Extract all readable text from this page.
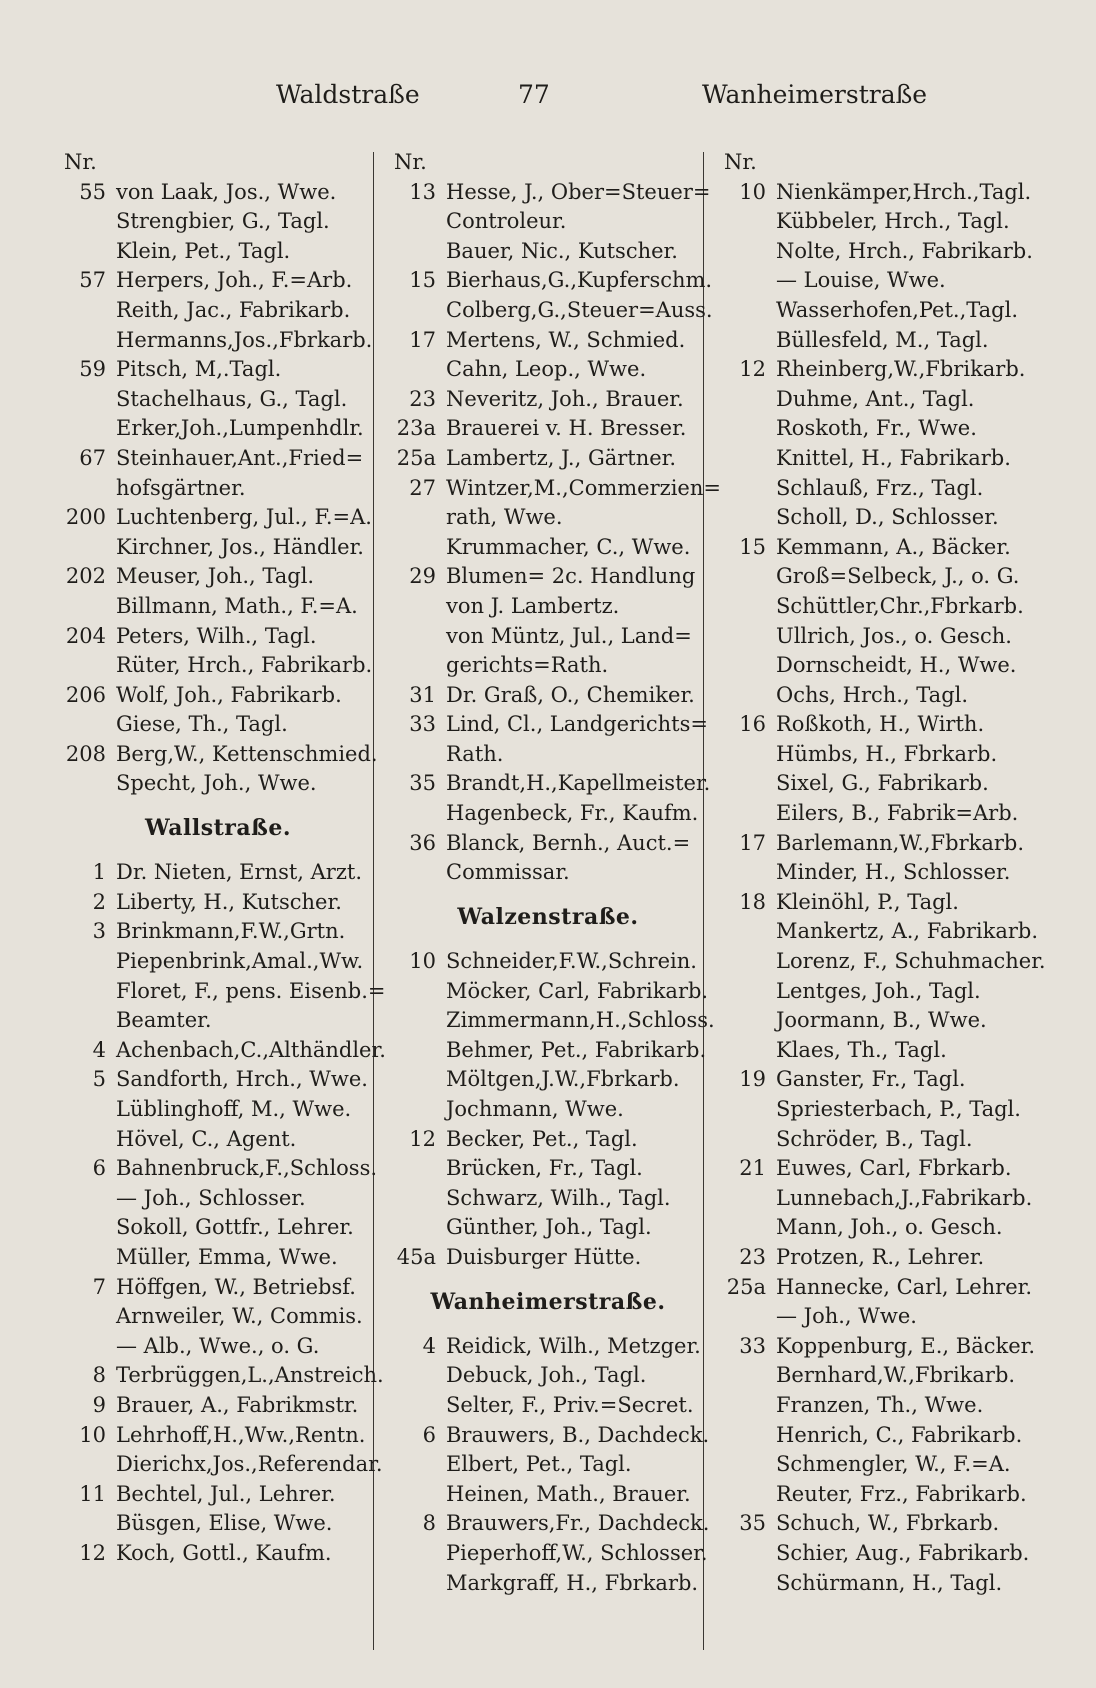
Waldstraße	77	Wanheimerstraße
Nr.
55 von Laak, Jos., Wwe.
Strengbier, G., Tagl.
Klein, Pet., Tagl.
57 Herpers, Joh., F.=Arb.
Reith, Jac., Fabrikarb.
Hermanns,Jos.,Fbrkarb.
59 Pitsch, M,.Tagl.
Stachelhaus, G., Tagl.
Erker,Joh.,Lumpenhdlr.
67 Steinhauer,Ant.,Fried=
hofsgärtner.
200 Luchtenberg, Jul., F.=A.
Kirchner, Jos., Händler.
202 Meuser, Joh., Tagl.
Billmann, Math., F.=A.
204 Peters, Wilh., Tagl.
Rüter, Hrch., Fabrikarb.
206 Wolf, Joh., Fabrikarb.
Giese, Th., Tagl.
208 Berg,W., Kettenschmied.
Specht, Joh., Wwe.
Wallstraße.
1 Dr. Nieten, Ernst, Arzt.
2 Liberty, H., Kutscher.
3 Brinkmann,F.W.,Grtn.
Piepenbrink,Amal.,Ww.
Floret, F., pens. Eisenb.=
Beamter.
4 Achenbach,C.,Althändler.
5 Sandforth, Hrch., Wwe.
Lüblinghoff, M., Wwe.
Hövel, C., Agent.
6 Bahnenbruck,F.,Schloss.
— Joh., Schlosser.
Sokoll, Gottfr., Lehrer.
Müller, Emma, Wwe.
7 Höffgen, W., Betriebsf.
Arnweiler, W., Commis.
— Alb., Wwe., o. G.
8 Terbrüggen,L.,Anstreich.
9 Brauer, A., Fabrikmstr.
10 Lehrhoff,H.,Ww.,Rentn.
Dierichx,Jos.,Referendar.
11 Bechtel, Jul., Lehrer.
Büsgen, Elise, Wwe.
12 Koch, Gottl., Kaufm.
Nr.
13 Hesse, J., Ober=Steuer=
Controleur.
Bauer, Nic., Kutscher.
15 Bierhaus,G.,Kupferschm.
Colberg,G.,Steuer=Auss.
17 Mertens, W., Schmied.
Cahn, Leop., Wwe.
23 Neveritz, Joh., Brauer.
23a Brauerei v. H. Bresser.
25a Lambertz, J., Gärtner.
27 Wintzer,M.,Commerzien=
rath, Wwe.
Krummacher, C., Wwe.
29 Blumen= 2c. Handlung
von J. Lambertz.
von Müntz, Jul., Land=
gerichts=Rath.
31 Dr. Graß, O., Chemiker.
33 Lind, Cl., Landgerichts=
Rath.
35 Brandt,H.,Kapellmeister.
Hagenbeck, Fr., Kaufm.
36 Blanck, Bernh., Auct.=
Commissar.
Walzenstraße.
10 Schneider,F.W.,Schrein.
Möcker, Carl, Fabrikarb.
Zimmermann,H.,Schloss.
Behmer, Pet., Fabrikarb.
Möltgen,J.W.,Fbrkarb.
Jochmann, Wwe.
12 Becker, Pet., Tagl.
Brücken, Fr., Tagl.
Schwarz, Wilh., Tagl.
Günther, Joh., Tagl.
45a Duisburger Hütte.
Wanheimerstraße.
4 Reidick, Wilh., Metzger.
Debuck, Joh., Tagl.
Selter, F., Priv.=Secret.
6 Brauwers, B., Dachdeck.
Elbert, Pet., Tagl.
Heinen, Math., Brauer.
8 Brauwers,Fr., Dachdeck.
Pieperhoff,W., Schlosser.
Markgraff, H., Fbrkarb.
Nr.
10 Nienkämper,Hrch.,Tagl.
Kübbeler, Hrch., Tagl.
Nolte, Hrch., Fabrikarb.
— Louise, Wwe.
Wasserhofen,Pet.,Tagl.
Büllesfeld, M., Tagl.
12 Rheinberg,W.,Fbrikarb.
Duhme, Ant., Tagl.
Roskoth, Fr., Wwe.
Knittel, H., Fabrikarb.
Schlauß, Frz., Tagl.
Scholl, D., Schlosser.
15 Kemmann, A., Bäcker.
Groß=Selbeck, J., o. G.
Schüttler,Chr.,Fbrkarb.
Ullrich, Jos., o. Gesch.
Dornscheidt, H., Wwe.
Ochs, Hrch., Tagl.
16 Roßkoth, H., Wirth.
Hümbs, H., Fbrkarb.
Sixel, G., Fabrikarb.
Eilers, B., Fabrik=Arb.
17 Barlemann,W.,Fbrkarb.
Minder, H., Schlosser.
18 Kleinöhl, P., Tagl.
Mankertz, A., Fabrikarb.
Lorenz, F., Schuhmacher.
Lentges, Joh., Tagl.
Joormann, B., Wwe.
Klaes, Th., Tagl.
19 Ganster, Fr., Tagl.
Spriesterbach, P., Tagl.
Schröder, B., Tagl.
21 Euwes, Carl, Fbrkarb.
Lunnebach,J.,Fabrikarb.
Mann, Joh., o. Gesch.
23 Protzen, R., Lehrer.
25a Hannecke, Carl, Lehrer.
— Joh., Wwe.
33 Koppenburg, E., Bäcker.
Bernhard,W.,Fbrikarb.
Franzen, Th., Wwe.
Henrich, C., Fabrikarb.
Schmengler, W., F.=A.
Reuter, Frz., Fabrikarb.
35 Schuch, W., Fbrkarb.
Schier, Aug., Fabrikarb.
Schürmann, H., Tagl.
